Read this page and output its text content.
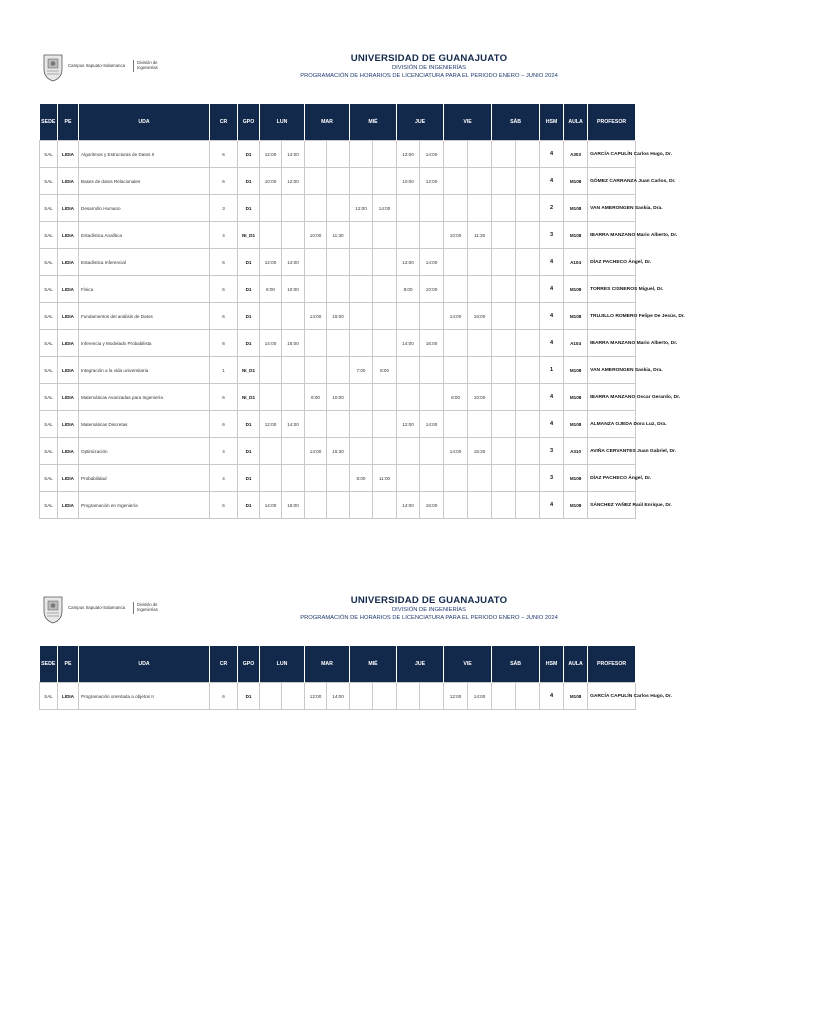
Campus Irapuato-Salamanca
División de Ingenierías
UNIVERSIDAD DE GUANAJUATO
DIVISIÓN DE INGENIERÍAS
PROGRAMACIÓN DE HORARIOS DE LICENCIATURA PARA EL PERIODO ENERO – JUNIO 2024
SEDE	PE	UDA	CR	GPO	LUN		MAR		MIÉ		JUE		VIE		SÁB		HSM	AULA	PROFESOR
SAL	LIDIA	Algoritmos y Estructuras de Datos II	6	D1	12:00	14:00					12:00	14:00					4	A303	GARCÍA CAPULÍN Carlos Hugo, Dr.
SAL	LIDIA	Bases de datos Relacionales	6	D1	10:00	12:00					10:00	12:00					4	M108	GÓMEZ CARRANZA Juan Carlos, Dr.
SAL	LIDIA	Desarrollo Humano	3	D1					12:00	14:00							2	M108	VAN AMERONGEN Saskia, Dra.
SAL	LIDIA	Estadística Analítica	4	NI_D1			10:00	11:30					10:00	11:30			3	M108	IBARRA MANZANO Mario Alberto, Dr.
SAL	LIDIA	Estadística Inferencial	6	D1	12:00	14:00					12:00	14:00					4	A104	DÍAZ PACHECO Ángel, Dr.
SAL	LIDIA	Física	6	D1	8:00	10:00					8:00	10:00					4	M108	TORRES CISNEROS Miguel, Dr.
SAL	LIDIA	Fundamentos del análisis de Datos	6	D1			14:00	16:00					14:00	16:00			4	M108	TRUJILLO ROMERO Felipe De Jesús, Dr.
SAL	LIDIA	Inferencia y Modelado Probabilista	6	D1	14:00	16:00					14:00	16:00					4	A104	IBARRA MANZANO Mario Alberto, Dr.
SAL	LIDIA	Integración a la vida universitaria	1	NI_D1					7:00	8:00							1	M108	VAN AMERONGEN Saskia, Dra.
SAL	LIDIA	Matemáticas Avanzadas para Ingeniería	6	NI_D1			8:00	10:00					8:00	10:00			4	M108	IBARRA MANZANO Oscar Gerardo, Dr.
SAL	LIDIA	Matemáticas Discretas	6	D1	12:00	14:00					12:00	14:00					4	M108	ALMANZA OJEDA Dora Luz, Dra.
SAL	LIDIA	Optimización	4	D1			14:00	15:30					14:00	15:30			3	A310	AVIÑA CERVANTES Juan Gabriel, Dr.
SAL	LIDIA	Probabilidad	4	D1					8:00	11:00							3	M108	DÍAZ PACHECO Ángel, Dr.
SAL	LIDIA	Programación en Ingeniería	6	D1	14:00	16:00					14:00	16:00					4	M108	SÁNCHEZ YAÑEZ Raúl Enrique, Dr.
Campus Irapuato-Salamanca
División de Ingenierías
UNIVERSIDAD DE GUANAJUATO
DIVISIÓN DE INGENIERÍAS
PROGRAMACIÓN DE HORARIOS DE LICENCIATURA PARA EL PERIODO ENERO – JUNIO 2024
SEDE	PE	UDA	CR	GPO	LUN		MAR		MIÉ		JUE		VIE		SÁB		HSM	AULA	PROFESOR
SAL	LIDIA	Programación orientada a objetos II	6	D1			12:00	14:00					12:00	14:00			4	M108	GARCÍA CAPULÍN Carlos Hugo, Dr.
